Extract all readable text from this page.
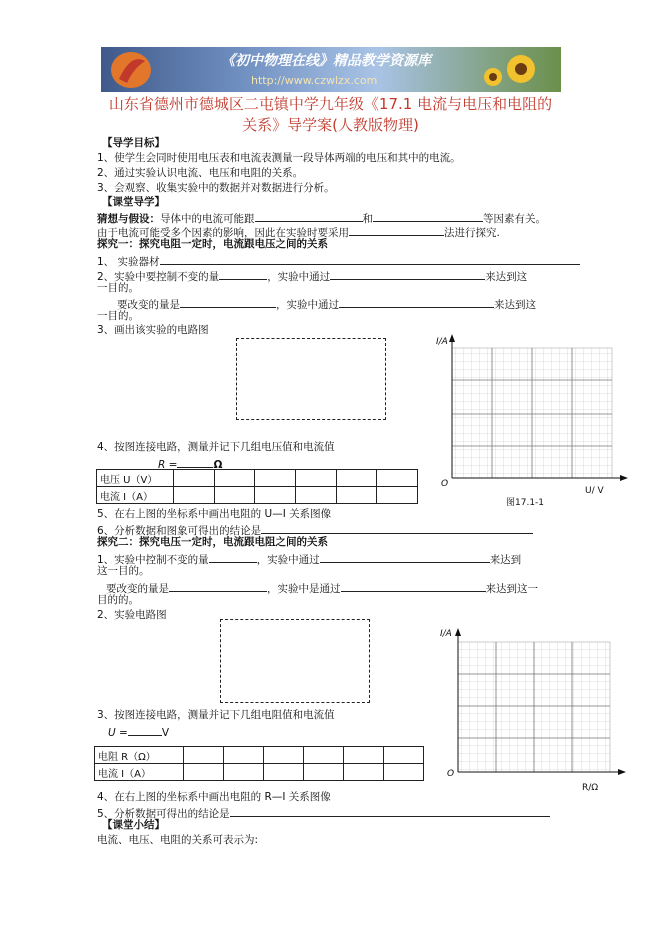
《初中物理在线》精品教学资源库
http://www.czwlzx.com
山东省德州市德城区二屯镇中学九年级《17.1 电流与电压和电阻的
关系》导学案(人教版物理)
【导学目标】
1、使学生会同时使用电压表和电流表测量一段导体两端的电压和其中的电流。
2、通过实验认识电流、电压和电阻的关系。
3、会观察、收集实验中的数据并对数据进行分析。
【课堂导学】
猜想与假设：导体中的电流可能跟	和	等因素有关。
由于电流可能受多个因素的影响，因此在实验时要采用	法进行探究.
探究一：探究电阻一定时，电流跟电压之间的关系
1、 实验器材
2、实验中要控制不变的量	，实验中通过	来达到这
一目的。
要改变的量是	，实验中通过	来达到这
一目的。
3、画出该实验的电路图
4、按图连接电路，测量并记下几组电压值和电流值
R =	Ω
电压 U（V）						
电流 I（A）						
5、在右上图的坐标系中画出电阻的 U—I 关系图像
6、分析数据和图象可得出的结论是
I/A
O
U/ V
图17.1-1
探究二：探究电压一定时，电流跟电阻之间的关系
1、实验中控制不变的量	，实验中通过	来达到
这一目的。
要改变的量是	，实验中是通过	来达到这一
目的的。
2、实验电路图
3、按图连接电路，测量并记下几组电阻值和电流值
U =	V
电阻 R（Ω）						
电流 I（A）						
4、在右上图的坐标系中画出电阻的 R—I 关系图像
5、分析数据可得出的结论是
I/A
O
R/Ω
【课堂小结】
电流、电压、电阻的关系可表示为:
